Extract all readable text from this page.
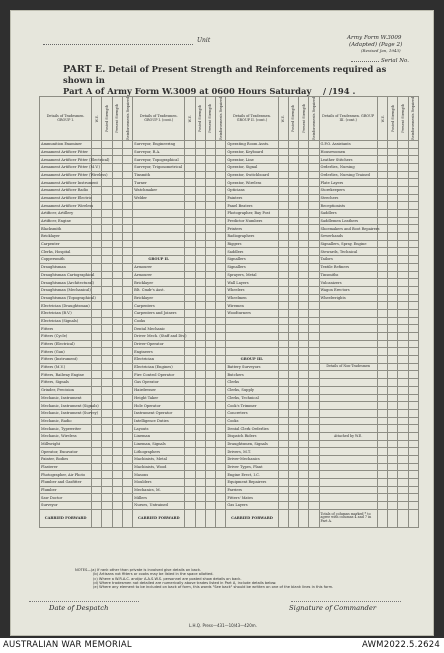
Unit	Army Form W.3009
(Adapted) (Page 2)
(Revised Jan, 1943)
Serial No.
PART E. Detail of Present Strength and Reinforcements required as shown in
Part A of Army Form W.3009 at 0600 Hours Saturday / /194 .
Details of Tradesmen. GROUP I.	W.E.	Posted Strength	Present Strength	Reinforcements Required	Details of Tradesmen. GROUP I. (cont.)	W.E.	Posted Strength	Present Strength	Reinforcements Required	Details of Tradesmen. GROUP II. (cont.)	W.E.	Posted Strength	Present Strength	Reinforcements Required	Details of Tradesmen. GROUP III. (cont.)	W.E.	Posted Strength	Present Strength	Reinforcements Required

Ammunition Examiner					Surveyor, Engineering					Operating Room Assts.					G.P.O. Assistants				
Armament Artificer Fitter					Surveyor, R.A.					Operator, Keyboard					Housewomen				
Armament Artificer Fitter (Electrical)					Surveyor, Topographical					Operator, Line					Leather Stitchers				
Armament Artificer Fitter (M.V.)					Surveyor, Trigonometrical					Operator, Signal					Orderlies, Nursing				
Armament Artificer Fitter (Wireless)					Tinsmith					Operator, Switchboard					Orderlies, Nursing Trained				
Armament Artificer Instrument					Turner					Operator, Wireless					Plate Layers				
Armament Artificer Radio					Watchmaker					Opticians					Storekeepers				
Armament Artificer Electric					Welder					Painters					Strechers				
Armament Artificer Wireless										Panel Beaters					Receptionists				
Artificer, Artillery										Photographer, Bay Post					Saddlers				
Artificer, Engine										Predictor Numbers					Saddlemen Leathers				
Blacksmith										Printers					Shoemakers and Boot Repairers				
Bricklayer										Radiographers					Sewerhands				
Carpenter										Riggers					Signallers, Spray, Engine				
Clerks, Hospital										Saddlers					Stewards, Technical				
Coppersmith					GROUP II.					Signallers					Tailors				
Draughtsman					Armourer					Signallers					Textile Refiners				
Draughtsman Cartographical					Armourer					Sprayers, Metal					Tinsmiths				
Draughtsman (Architectural)					Bricklayer					Wall Layers					Vulcanizers				
Draughtsman (Mechanical)					Blt. Cmdr's Asst.					Wheelers					Wagon Erectors				
Draughtsman (Topographical)					Bricklayer					Wheelmen					Wheelwrights				
Electrician (Draughtsman)					Carpenters					Wiremen									
Electrician (B.V.)					Carpenters and Joiners					Woodturners									
Electrician (Signals)					Cooks														
Fitters					Dental Mechanic														
Fitters (Cycle)					Driver Mech. (Staff and Div.)														
Fitters (Electrical)					Driver-Operator														
Fitters (Gun)					Engineers														
Fitters (Instrument)					Electrician					GROUP III.									
Fitters (M.V.)					Electrician (Engines)					Battery Surveyors					Details of Non-Tradesmen				
Fitters, Railway Engine					Fire Control Operator					Butchers									
Fitters, Signals					Gas Operator					Clerks									
Grinder, Precision					Hairdresser					Clerks, Supply									
Mechanic, Instrument					Height Taker					Clerks, Technical									
Mechanic, Instrument (Signals)					Hole Operator					Cook's Trimmer									
Mechanic, Instrument (Survey)					Instrument Operator					Concreters									
Mechanic, Radio					Intelligence Duties					Cooks									
Mechanic, Typewriter					Layouts					Dental Clerk Orderlies									
Mechanic, Wireless					Lineman					Dispatch Riders					Attached by W.E.				
Millwright					Lineman, Signals					Draughtsmen, Signals									
Operator, Excavator					Lithographers					Drivers, M.T.									
Painter, Bodies					Machinists, Metal					Driver-Mechanics									
Plasterer					Machinists, Wood					Driver Types, Plant									
Photographer, Air Photo					Masons					Engine Erect, I.C.									
Plumber and Gasfitter					Moulders					Equipment Repairers									
Plumber					Mechanics, M.					Farriers									
Saw Doctor					Millers					Fitters' Mates									
Surveyor					Nurses, Untrained					Gas Layers									
CARRIED FORWARD					CARRIED FORWARD					CARRIED FORWARD					Totals of columns marked * to agree with columns 4 and 7 in Part A.				
NOTES—(a) If rank other than private is involved give details on back.
(b) Artisans not fitters or cooks may be listed in the space allotted.
(c) Where a W.R.A.C. and/or A.A.S.W.S. personnel are posted show details on back.
(d) Where tradesmen not detailed are numerically above trades listed in Part A, include details below.
(e) Where any element to be included on back of form, this words "See back" should be written on one of the blank lines in this form.
Date of Despatch	Signature of Commander
L.H.Q. Press—431—10/43—420m.
AUSTRALIAN WAR MEMORIAL	AWM2022.5.2624
